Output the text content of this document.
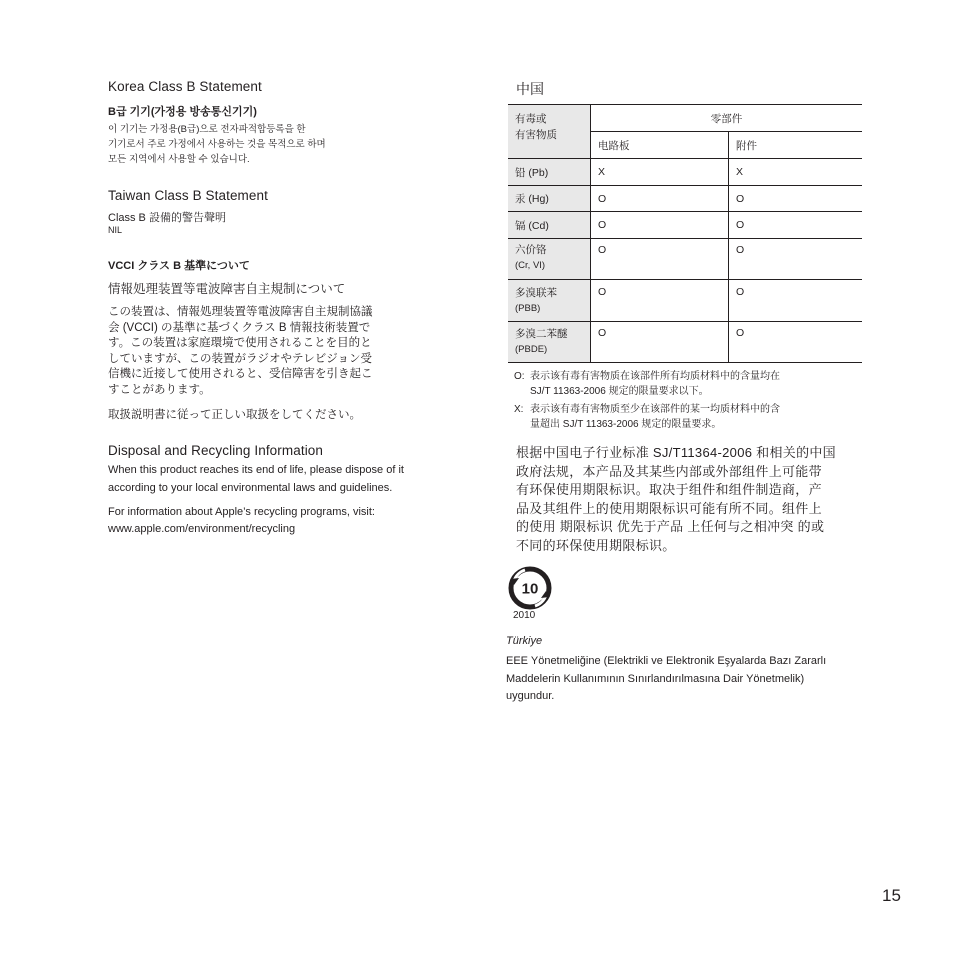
Korea Class B Statement
B급 기기(가정용 방송통신기기)
이 기기는 가정용(B급)으로 전자파적합등록을 한
기기로서 주로 가정에서 사용하는 것을 목적으로 하며
모든 지역에서 사용할 수 있습니다.
Taiwan Class B Statement
Class B 設備的警告聲明
NIL
VCCI クラス B 基準について
情報処理装置等電波障害自主規制について
この装置は、情報処理装置等電波障害自主規制協議
会 (VCCI) の基準に基づくクラス B 情報技術装置で
す。この装置は家庭環境で使用されることを目的と
していますが、この装置がラジオやテレビジョン受
信機に近接して使用されると、受信障害を引き起こ
すことがあります。
取扱説明書に従って正しい取扱をしてください。
Disposal and Recycling Information
When this product reaches its end of life, please dispose of it
according to your local environmental laws and guidelines.
For information about Apple’s recycling programs, visit:
www.apple.com/environment/recycling
中国
有毒或
有害物质	零部件	
	电路板	附件
铅 (Pb)	X	X
汞 (Hg)	O	O
镉 (Cd)	O	O

六价铬
(Cr, VI)	O	O

多溴联苯
(PBB)	O	O

多溴二苯醚
(PBDE)	O	O
O: 表示该有毒有害物质在该部件所有均质材料中的含量均在
SJ/T 11363-2006 规定的限量要求以下。
X: 表示该有毒有害物质至少在该部件的某一均质材料中的含
量超出 SJ/T 11363-2006 规定的限量要求。
根据中国电子行业标准 SJ/T11364-2006 和相关的中国
政府法规，本产品及其某些内部或外部组件上可能带
有环保使用期限标识。取决于组件和组件制造商，产
品及其组件上的使用期限标识可能有所不同。组件上
的使用 期限标识 优先于产品 上任何与之相冲突 的或
不同的环保使用期限标识。
10
2010
Türkiye
EEE Yönetmeliğine (Elektrikli ve Elektronik Eşyalarda Bazı Zararlı
Maddelerin Kullanımının Sınırlandırılmasına Dair Yönetmelik)
uygundur.
15
